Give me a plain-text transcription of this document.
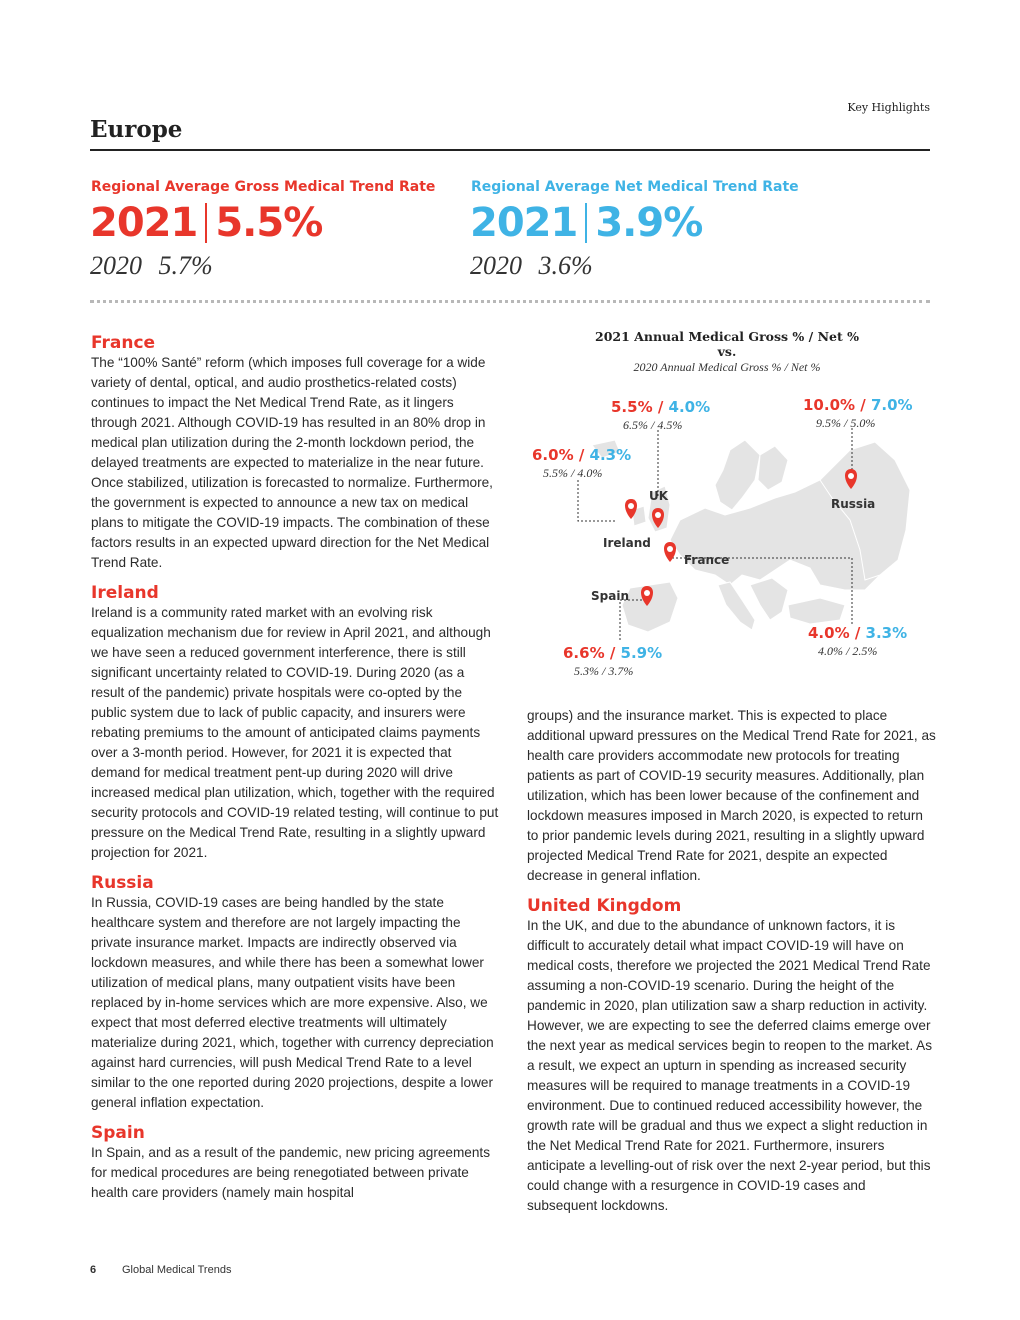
Key Highlights
Europe
Regional Average Gross Medical Trend Rate
2021 5.5%
2020 5.7%
Regional Average Net Medical Trend Rate
2021 3.9%
2020 3.6%
France

The “100% Santé” reform (which imposes full coverage for a wide variety of dental, optical, and audio prosthetics-related costs) continues to impact the Net Medical Trend Rate, as it lingers through 2021. Although COVID-19 has resulted in an 80% drop in medical plan utilization during the 2-month lockdown period, the delayed treatments are expected to materialize in the near future. Once stabilized, utilization is forecasted to normalize. Furthermore, the government is expected to announce a new tax on medical plans to mitigate the COVID-19 impacts. The combination of these factors results in an expected upward direction for the Net Medical Trend Rate.

Ireland

Ireland is a community rated market with an evolving risk equalization mechanism due for review in April 2021, and although we have seen a reduced government interference, there is still significant uncertainty related to COVID-19. During 2020 (as a result of the pandemic) private hospitals were co-opted by the public system due to lack of public capacity, and insurers were rebating premiums to the amount of anticipated claims payments over a 3-month period. However, for 2021 it is expected that demand for medical treatment pent-up during 2020 will drive increased medical plan utilization, which, together with the required security protocols and COVID-19 related testing, will continue to put pressure on the Medical Trend Rate, resulting in a slightly upward projection for 2021.

Russia

In Russia, COVID-19 cases are being handled by the state healthcare system and therefore are not largely impacting the private insurance market. Impacts are indirectly observed via lockdown measures, and while there has been a somewhat lower utilization of medical plans, many outpatient visits have been replaced by in-home services which are more expensive. Also, we expect that most deferred elective treatments will ultimately materialize during 2021, which, together with currency depreciation against hard currencies, will push Medical Trend Rate to a level similar to the one reported during 2020 projections, despite a lower general inflation expectation.

Spain

In Spain, and as a result of the pandemic, new pricing agreements for medical procedures are being renegotiated between private health care providers (namely main hospital

groups) and the insurance market. This is expected to place additional upward pressures on the Medical Trend Rate for 2021, as health care providers accommodate new protocols for treating patients as part of COVID-19 security measures. Additionally, plan utilization, which has been lower because of the confinement and lockdown measures imposed in March 2020, is expected to return to prior pandemic levels during 2021, resulting in a slightly upward projected Medical Trend Rate for 2021, despite an expected decrease in general inflation.

United Kingdom

In the UK, and due to the abundance of unknown factors, it is difficult to accurately detail what impact COVID-19 will have on medical costs, therefore we projected the 2021 Medical Trend Rate assuming a non-COVID-19 scenario. During the height of the pandemic in 2020, plan utilization saw a sharp reduction in activity. However, we are expecting to see the deferred claims emerge over the next year as medical services begin to reopen to the market. As a result, we expect an upturn in spending as increased security measures will be required to manage treatments in a COVID-19 environment. Due to continued reduced accessibility however, the growth rate will be gradual and thus we expect a slight reduction in the Net Medical Trend Rate for 2021. Furthermore, insurers anticipate a levelling-out of risk over the next 2-year period, but this could change with a resurgence in COVID-19 cases and subsequent lockdowns.

2021 Annual Medical Gross % / Net %
vs.
2020 Annual Medical Gross % / Net %
5.5% / 4.0%
6.5% / 4.5%
UK
10.0% / 7.0%
9.5% / 5.0%
Russia
6.0% / 4.3%
5.5% / 4.0%
Ireland
France
4.0% / 3.3%
4.0% / 2.5%
Spain
6.6% / 5.9%
5.3% / 3.7%
6 Global Medical Trends
